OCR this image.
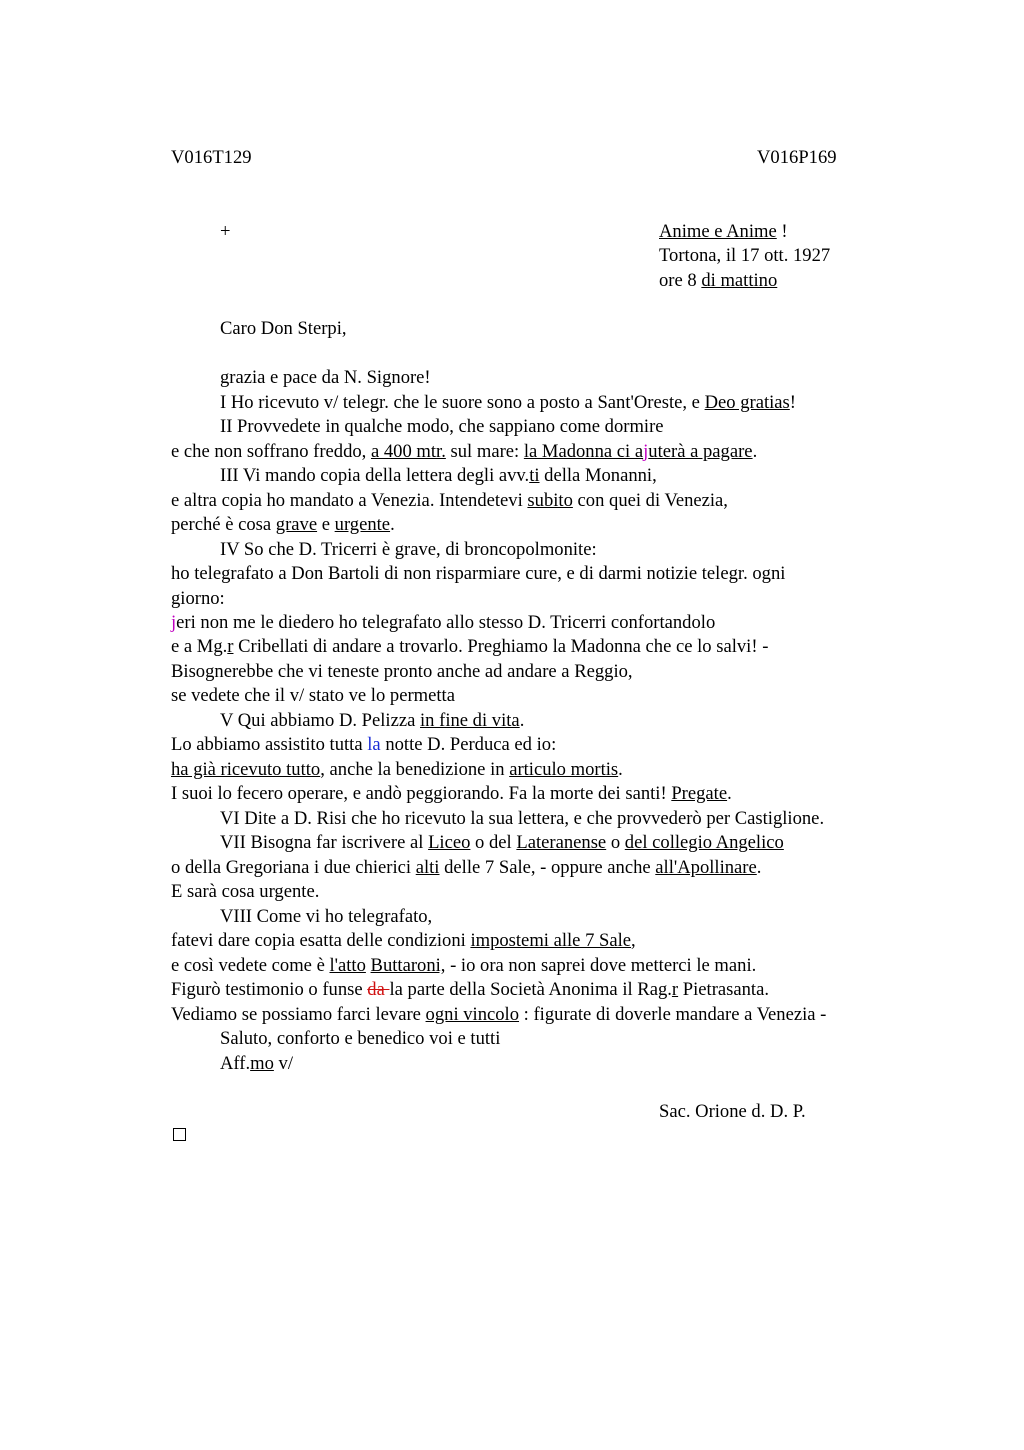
V016T129	V016P169
+	Anime e Anime !
Tortona, il 17 ott. 1927
ore 8 di mattino
Caro Don Sterpi,
grazia e pace da N. Signore!
I Ho ricevuto v/ telegr. che le suore sono a posto a Sant'Oreste, e Deo gratias!
II Provvedete in qualche modo, che sappiano come dormire
e che non soffrano freddo, a 400 mtr. sul mare: la Madonna ci ajuterà a pagare.
III Vi mando copia della lettera degli avv.ti della Monanni,
e altra copia ho mandato a Venezia. Intendetevi subito con quei di Venezia,
perché è cosa grave e urgente.
IV So che D. Tricerri è grave, di broncopolmonite:
ho telegrafato a Don Bartoli di non risparmiare cure, e di darmi notizie telegr. ogni
giorno:
jeri non me le diedero ho telegrafato allo stesso D. Tricerri confortandolo
e a Mg.r Cribellati di andare a trovarlo. Preghiamo la Madonna che ce lo salvi! -
Bisognerebbe che vi teneste pronto anche ad andare a Reggio,
se vedete che il v/ stato ve lo permetta
V Qui abbiamo D. Pelizza in fine di vita.
Lo abbiamo assistito tutta la notte D. Perduca ed io:
ha già ricevuto tutto, anche la benedizione in articulo mortis.
I suoi lo fecero operare, e andò peggiorando. Fa la morte dei santi! Pregate.
VI Dite a D. Risi che ho ricevuto la sua lettera, e che provvederò per Castiglione.
VII Bisogna far iscrivere al Liceo o del Lateranense o del collegio Angelico
o della Gregoriana i due chierici alti delle 7 Sale, - oppure anche all'Apollinare.
E sarà cosa urgente.
VIII Come vi ho telegrafato,
fatevi dare copia esatta delle condizioni impostemi alle 7 Sale,
e così vedete come è l'atto Buttaroni, - io ora non saprei dove metterci le mani.
Figurò testimonio o funse da la parte della Società Anonima il Rag.r Pietrasanta.
Vediamo se possiamo farci levare ogni vincolo : figurate di doverle mandare a Venezia -
Saluto, conforto e benedico voi e tutti
Aff.mo v/
Sac. Orione d. D. P.
